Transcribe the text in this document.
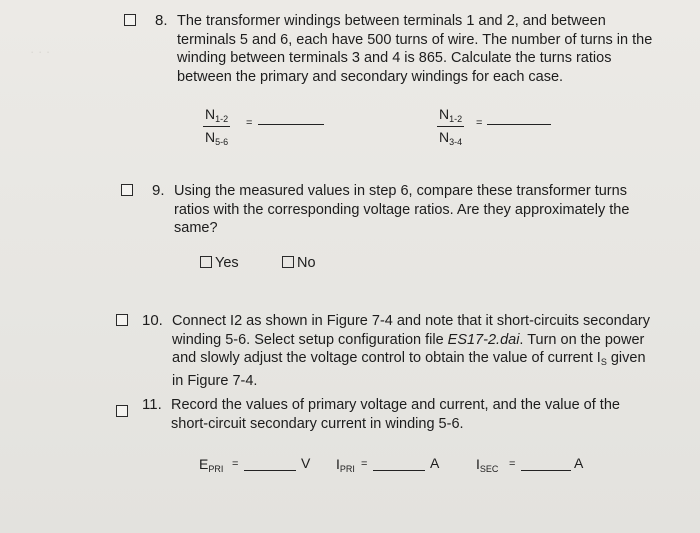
· · ·
8. The transformer windings between terminals 1 and 2, and between
terminals 5 and 6, each have 500 turns of wire. The number of turns in the
winding between terminals 3 and 4 is 865. Calculate the turns ratios
between the primary and secondary windings for each case.
$\frac{N_{1-2}}{N_{5-6}}$ =	$\frac{N_{1-2}}{N_{3-4}}$ =
9. Using the measured values in step 6, compare these transformer turns
ratios with the corresponding voltage ratios. Are they approximately the
same?
Yes	No
10. Connect I2 as shown in Figure 7-4 and note that it short-circuits secondary
winding 5-6. Select setup configuration file ES17-2.dai. Turn on the power
and slowly adjust the voltage control to obtain the value of current $I_S$ given
in Figure 7-4.
11. Record the values of primary voltage and current, and the value of the
short-circuit secondary current in winding 5-6.
$E_{PRI}$ =	V $I_{PRI}$ =	A	$I_{SEC}$ =	A
